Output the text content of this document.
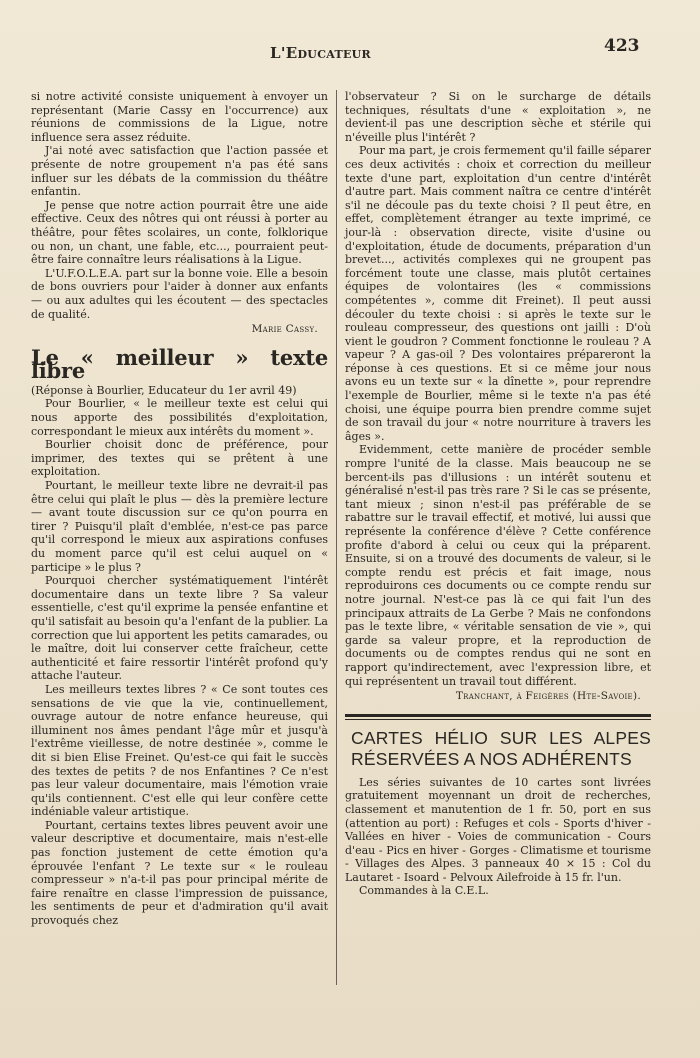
L'Educateur	423

si notre activité consiste uniquement à envoyer un représentant (Marie Cassy en l'occurrence) aux réunions de commissions de la Ligue, notre influence sera assez réduite.

J'ai noté avec satisfaction que l'action passée et présente de notre groupement n'a pas été sans influer sur les débats de la commission du théâtre enfantin.

Je pense que notre action pourrait être une aide effective. Ceux des nôtres qui ont réussi à porter au théâtre, pour fêtes scolaires, un conte, folklorique ou non, un chant, une fable, etc..., pourraient peut-être faire connaître leurs réalisations à la Ligue.

L'U.F.O.L.E.A. part sur la bonne voie. Elle a besoin de bons ouvriers pour l'aider à donner aux enfants — ou aux adultes qui les écoutent — des spectacles de qualité.

Marie Cassy.

Le « meilleur » texte libre

(Réponse à Bourlier, Educateur du 1er avril 49)

Pour Bourlier, « le meilleur texte est celui qui nous apporte des possibilités d'exploitation, correspondant le mieux aux intérêts du moment ».

Bourlier choisit donc de préférence, pour imprimer, des textes qui se prêtent à une exploitation.

Pourtant, le meilleur texte libre ne devrait-il pas être celui qui plaît le plus — dès la première lecture — avant toute discussion sur ce qu'on pourra en tirer ? Puisqu'il plaît d'emblée, n'est-ce pas parce qu'il correspond le mieux aux aspirations confuses du moment parce qu'il est celui auquel on « participe » le plus ?

Pourquoi chercher systématiquement l'intérêt documentaire dans un texte libre ? Sa valeur essentielle, c'est qu'il exprime la pensée enfantine et qu'il satisfait au besoin qu'a l'enfant de la publier. La correction que lui apportent les petits camarades, ou le maître, doit lui conserver cette fraîcheur, cette authenticité et faire ressortir l'intérêt profond qu'y attache l'auteur.

Les meilleurs textes libres ? « Ce sont toutes ces sensations de vie que la vie, continuellement, ouvrage autour de notre enfance heureuse, qui illuminent nos âmes pendant l'âge mûr et jusqu'à l'extrême vieillesse, de notre destinée », comme le dit si bien Elise Freinet. Qu'est-ce qui fait le succès des textes de petits ? de nos Enfantines ? Ce n'est pas leur valeur documentaire, mais l'émotion vraie qu'ils contiennent. C'est elle qui leur confère cette indéniable valeur artistique.

Pourtant, certains textes libres peuvent avoir une valeur descriptive et documentaire, mais n'est-elle pas fonction justement de cette émotion qu'a éprouvée l'enfant ? Le texte sur « le rouleau compresseur » n'a-t-il pas pour principal mérite de faire renaître en classe l'impression de puissance, les sentiments de peur et d'admiration qu'il avait provoqués chez

l'observateur ? Si on le surcharge de détails techniques, résultats d'une « exploitation », ne devient-il pas une description sèche et stérile qui n'éveille plus l'intérêt ?

Pour ma part, je crois fermement qu'il faille séparer ces deux activités : choix et correction du meilleur texte d'une part, exploitation d'un centre d'intérêt d'autre part. Mais comment naîtra ce centre d'intérêt s'il ne découle pas du texte choisi ? Il peut être, en effet, complètement étranger au texte imprimé, ce jour-là : observation directe, visite d'usine ou d'exploitation, étude de documents, préparation d'un brevet..., activités complexes qui ne groupent pas forcément toute une classe, mais plutôt certaines équipes de volontaires (les « commissions compétentes », comme dit Freinet). Il peut aussi découler du texte choisi : si après le texte sur le rouleau compresseur, des questions ont jailli : D'où vient le goudron ? Comment fonctionne le rouleau ? A vapeur ? A gas-oil ? Des volontaires prépareront la réponse à ces questions. Et si ce même jour nous avons eu un texte sur « la dînette », pour reprendre l'exemple de Bourlier, même si le texte n'a pas été choisi, une équipe pourra bien prendre comme sujet de son travail du jour « notre nourriture à travers les âges ».

Evidemment, cette manière de procéder semble rompre l'unité de la classe. Mais beaucoup ne se bercent-ils pas d'illusions : un intérêt soutenu et généralisé n'est-il pas très rare ? Si le cas se présente, tant mieux ; sinon n'est-il pas préférable de se rabattre sur le travail effectif, et motivé, lui aussi que représente la conférence d'élève ? Cette conférence profite d'abord à celui ou ceux qui la préparent. Ensuite, si on a trouvé des documents de valeur, si le compte rendu est précis et fait image, nous reproduirons ces documents ou ce compte rendu sur notre journal. N'est-ce pas là ce qui fait l'un des principaux attraits de La Gerbe ? Mais ne confondons pas le texte libre, « véritable sensation de vie », qui garde sa valeur propre, et la reproduction de documents ou de comptes rendus qui ne sont en rapport qu'indirectement, avec l'expression libre, et qui représentent un travail tout différent.

Tranchant, à Feigères (Hte-Savoie).

CARTES HÉLIO SUR LES ALPES RÉSERVÉES A NOS ADHÉRENTS

Les séries suivantes de 10 cartes sont livrées gratuitement moyennant un droit de recherches, classement et manutention de 1 fr. 50, port en sus (attention au port) : Refuges et cols - Sports d'hiver - Vallées en hiver - Voies de communication - Cours d'eau - Pics en hiver - Gorges - Climatisme et tourisme - Villages des Alpes. 3 panneaux 40 × 15 : Col du Lautaret - Isoard - Pelvoux Ailefroide à 15 fr. l'un.

Commandes à la C.E.L.
